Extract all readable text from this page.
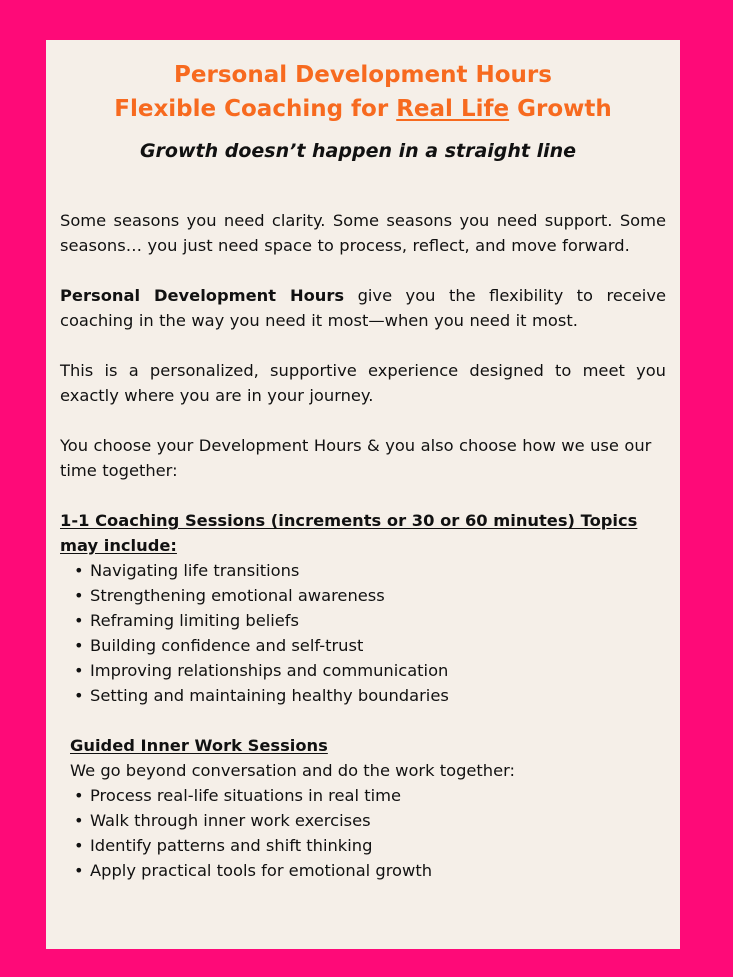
Personal Development Hours
Flexible Coaching for Real Life Growth

Growth doesn’t happen in a straight line

Some seasons you need clarity. Some seasons you need support. Some seasons… you just need space to process, reflect, and move forward.

Personal Development Hours give you the flexibility to receive coaching in the way you need it most—when you need it most.

This is a personalized, supportive experience designed to meet you exactly where you are in your journey.

You choose your Development Hours & you also choose how we use our time together:

1-1 Coaching Sessions (increments or 30 or 60 minutes) Topics may include:

• Navigating life transitions
• Strengthening emotional awareness
• Reframing limiting beliefs
• Building confidence and self-trust
• Improving relationships and communication
• Setting and maintaining healthy boundaries

Guided Inner Work Sessions

We go beyond conversation and do the work together:

• Process real-life situations in real time
• Walk through inner work exercises
• Identify patterns and shift thinking
• Apply practical tools for emotional growth
